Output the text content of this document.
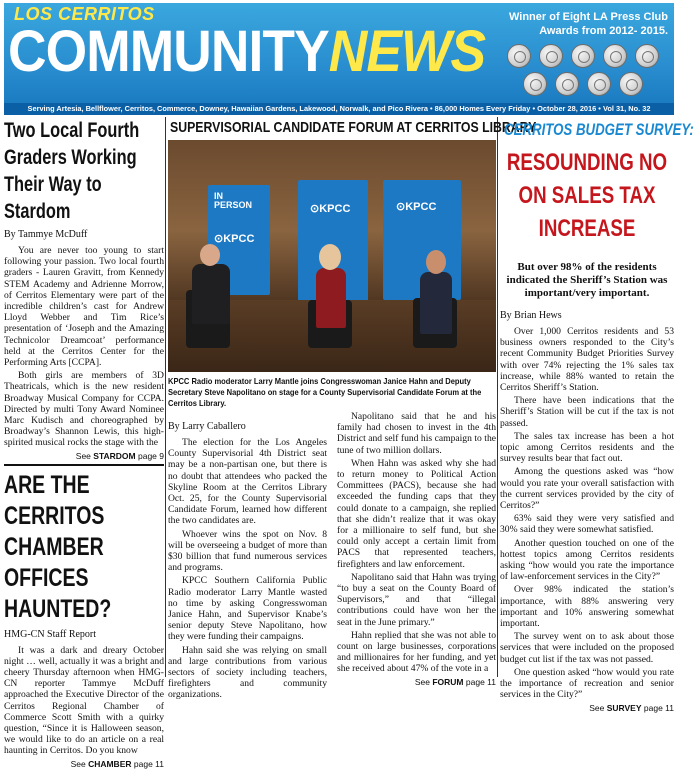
LOS CERRITOS
COMMUNITYNEWS
Winner of Eight LA Press Club Awards from 2012- 2015.
Serving Artesia, Bellflower, Cerritos, Commerce, Downey, Hawaiian Gardens, Lakewood, Norwalk, and Pico Rivera • 86,000 Homes Every Friday • October 28, 2016 • Vol 31, No. 32
Two Local Fourth Graders Working Their Way to Stardom
By Tammye McDuff

You are never too young to start following your passion. Two local fourth graders - Lauren Gravitt, from Kennedy STEM Academy and Adrienne Morrow, of Cerritos Elementary were part of the incredible children’s cast for Andrew Lloyd Webber and Tim Rice’s presentation of ‘Joseph and the Amazing Technicolor Dreamcoat’ performance held at the Cerritos Center for the Performing Arts [CCPA].

Both girls are members of 3D Theatricals, which is the new resident Broadway Musical Company for CCPA. Directed by multi Tony Award Nominee Marc Kudisch and choreographed by Broadway’s Shannon Lewis, this high-spirited musical rocks the stage with the

See STARDOM page 9
ARE THE CERRITOS CHAMBER OFFICES HAUNTED?
HMG-CN Staff Report

It was a dark and dreary October night … well, actually it was a bright and cheery Thursday afternoon when HMG-CN reporter Tammye McDuff approached the Executive Director of the Cerritos Regional Chamber of Commerce Scott Smith with a quirky question, “Since it is Halloween season, we would like to do an article on a real haunting in Cerritos. Do you know

See CHAMBER page 11
SUPERVISORIAL CANDIDATE FORUM AT CERRITOS LIBRARY
IN
PERSON
⊙KPCC
⊙KPCC	⊙KPCC
KPCC Radio moderator Larry Mantle joins Congresswoman Janice Hahn and Deputy Secretary Steve Napolitano on stage for a County Supervisorial Candidate Forum at the Cerritos Library.
By Larry Caballero

The election for the Los Angeles County Supervisorial 4th District seat may be a non-partisan one, but there is no doubt that attendees who packed the Skyline Room at the Cerritos Library Oct. 25, for the County Supervisorial Candidate Forum, learned how different the two candidates are.

Whoever wins the spot on Nov. 8 will be overseeing a budget of more than $30 billion that fund numerous services and programs.

KPCC Southern California Public Radio moderator Larry Mantle wasted no time by asking Congresswoman Janice Hahn, and Supervisor Knabe’s senior deputy Steve Napolitano, how they were funding their campaigns.

Hahn said she was relying on small and large contributions from various sectors of society including teachers, firefighters and community organizations.

Napolitano said that he and his family had chosen to invest in the 4th District and self fund his campaign to the tune of two million dollars.

When Hahn was asked why she had to return money to Political Action Committees (PACS), because she had exceeded the funding caps that they could donate to a campaign, she replied that she didn’t realize that it was okay for a millionaire to self fund, but she could only accept a certain limit from PACS that represented teachers, firefighters and law enforcement.

Napolitano said that Hahn was trying “to buy a seat on the County Board of Supervisors,” and that “illegal contributions could have won her the seat in the June primary.”

Hahn replied that she was not able to count on large businesses, corporations and millionaires for her funding, and yet she received about 47% of the vote in a

See FORUM page 11
CERRITOS BUDGET SURVEY:
RESOUNDING NO ON SALES TAX INCREASE
But over 98% of the residents indicated the Sheriff’s Station was important/very important.
By Brian Hews

Over 1,000 Cerritos residents and 53 business owners responded to the City’s recent Community Budget Priorities Survey with over 74% rejecting the 1% sales tax increase, while 88% wanted to retain the Cerritos Sheriff’s Station.

There have been indications that the Sheriff’s Station will be cut if the tax is not passed.

The sales tax increase has been a hot topic among Cerritos residents and the survey results bear that fact out.

Among the questions asked was “how would you rate your overall satisfaction with the current services provided by the city of Cerritos?”

63% said they were very satisfied and 30% said they were somewhat satisfied.

Another question touched on one of the hottest topics among Cerritos residents asking “how would you rate the importance of law-enforcement services in the City?”

Over 98% indicated the station’s importance, with 88% answering very important and 10% answering somewhat important.

The survey went on to ask about those services that were included on the proposed budget cut list if the tax was not passed.

One question asked “how would you rate the importance of recreation and senior services in the City?”

See SURVEY page 11
